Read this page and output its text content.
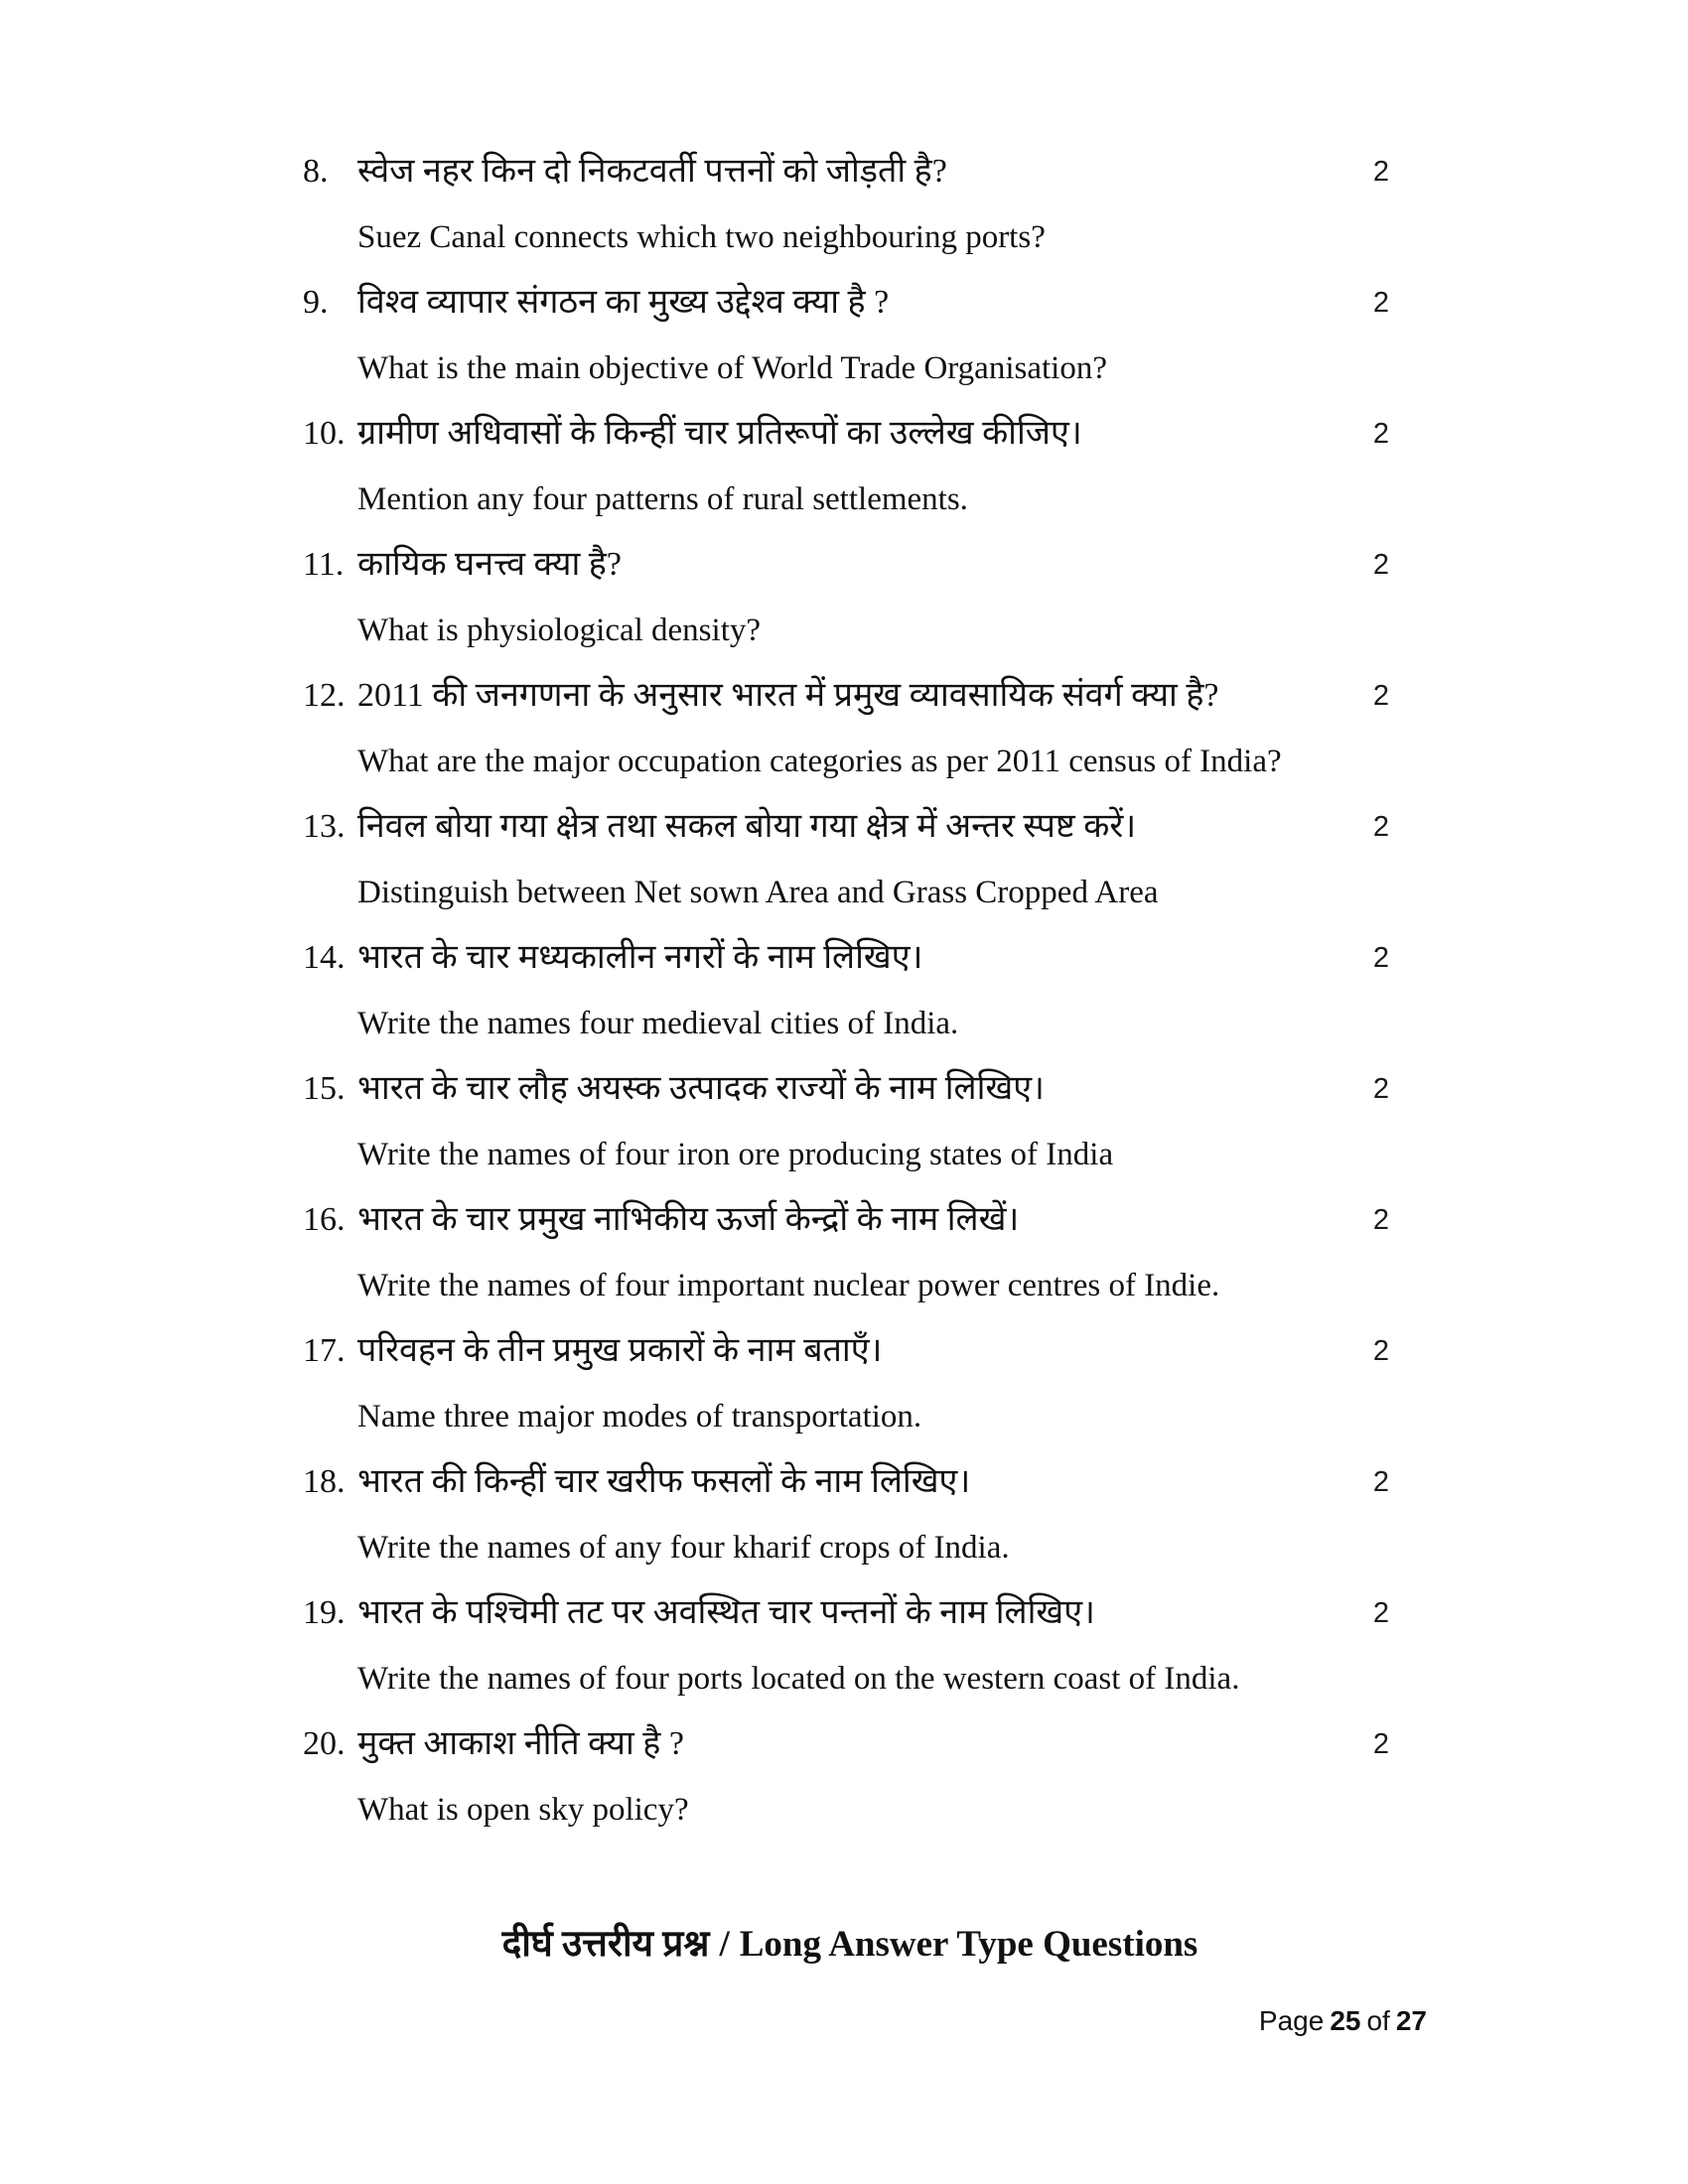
8. स्वेज नहर किन दो निकटवर्ती पत्तनों को जोड़ती है?	2
Suez Canal connects which two neighbouring ports?
9. विश्व व्यापार संगठन का मुख्य उद्देश्व क्या है ?	2
What is the main objective of World Trade Organisation?
10. ग्रामीण अधिवासों के किन्हीं चार प्रतिरूपों का उल्लेख कीजिए।	2
Mention any four patterns of rural settlements.
11. कायिक घनत्त्व क्या है?	2
What is physiological density?
12. 2011 की जनगणना के अनुसार भारत में प्रमुख व्यावसायिक संवर्ग क्या है?	2
What are the major occupation categories as per 2011 census of India?
13. निवल बोया गया क्षेत्र तथा सकल बोया गया क्षेत्र में अन्तर स्पष्ट करें।	2
Distinguish between Net sown Area and Grass Cropped Area
14. भारत के चार मध्यकालीन नगरों के नाम लिखिए।	2
Write the names four medieval cities of India.
15. भारत के चार लौह अयस्क उत्पादक राज्यों के नाम लिखिए।	2
Write the names of four iron ore producing states of India
16. भारत के चार प्रमुख नाभिकीय ऊर्जा केन्द्रों के नाम लिखें।	2
Write the names of four important nuclear power centres of Indie.
17. परिवहन के तीन प्रमुख प्रकारों के नाम बताएँ।	2
Name three major modes of transportation.
18. भारत की किन्हीं चार खरीफ फसलों के नाम लिखिए।	2
Write the names of any four kharif crops of India.
19. भारत के पश्चिमी तट पर अवस्थित चार पन्तनों के नाम लिखिए।	2
Write the names of four ports located on the western coast of India.
20. मुक्त आकाश नीति क्या है ?	2
What is open sky policy?
दीर्घ उत्तरीय प्रश्न / Long Answer Type Questions
Page 25 of 27
